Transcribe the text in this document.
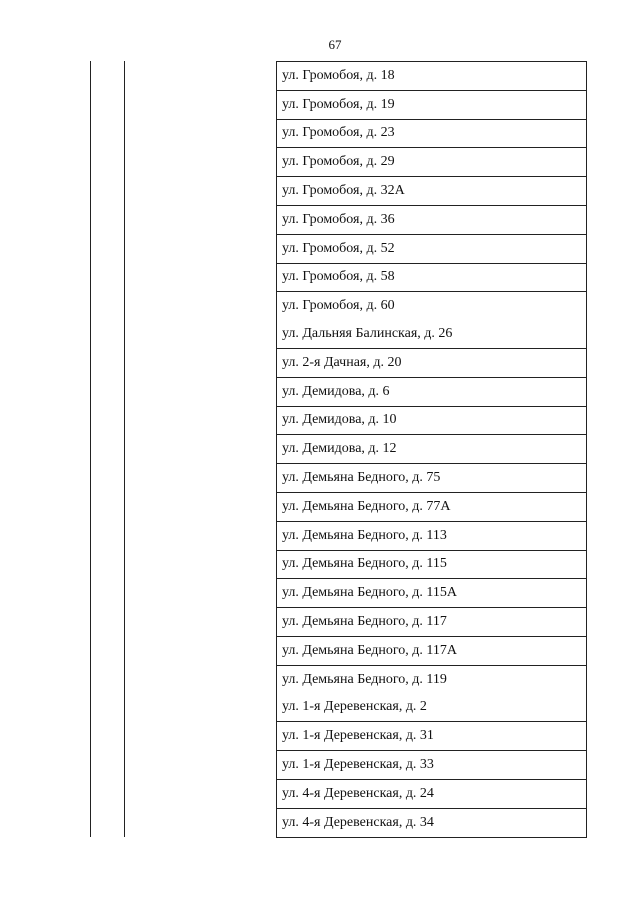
67
ул. Громобоя, д. 18
ул. Громобоя, д. 19
ул. Громобоя, д. 23
ул. Громобоя, д. 29
ул. Громобоя, д. 32А
ул. Громобоя, д. 36
ул. Громобоя, д. 52
ул. Громобоя, д. 58
ул. Громобоя, д. 60
ул. Дальняя Балинская, д. 26
ул. 2-я Дачная, д. 20
ул. Демидова, д. 6
ул. Демидова, д. 10
ул. Демидова, д. 12
ул. Демьяна Бедного, д. 75
ул. Демьяна Бедного, д. 77А
ул. Демьяна Бедного, д. 113
ул. Демьяна Бедного, д. 115
ул. Демьяна Бедного, д. 115А
ул. Демьяна Бедного, д. 117
ул. Демьяна Бедного, д. 117А
ул. Демьяна Бедного, д. 119
ул. 1-я Деревенская, д. 2
ул. 1-я Деревенская, д. 31
ул. 1-я Деревенская, д. 33
ул. 4-я Деревенская, д. 24
ул. 4-я Деревенская, д. 34
